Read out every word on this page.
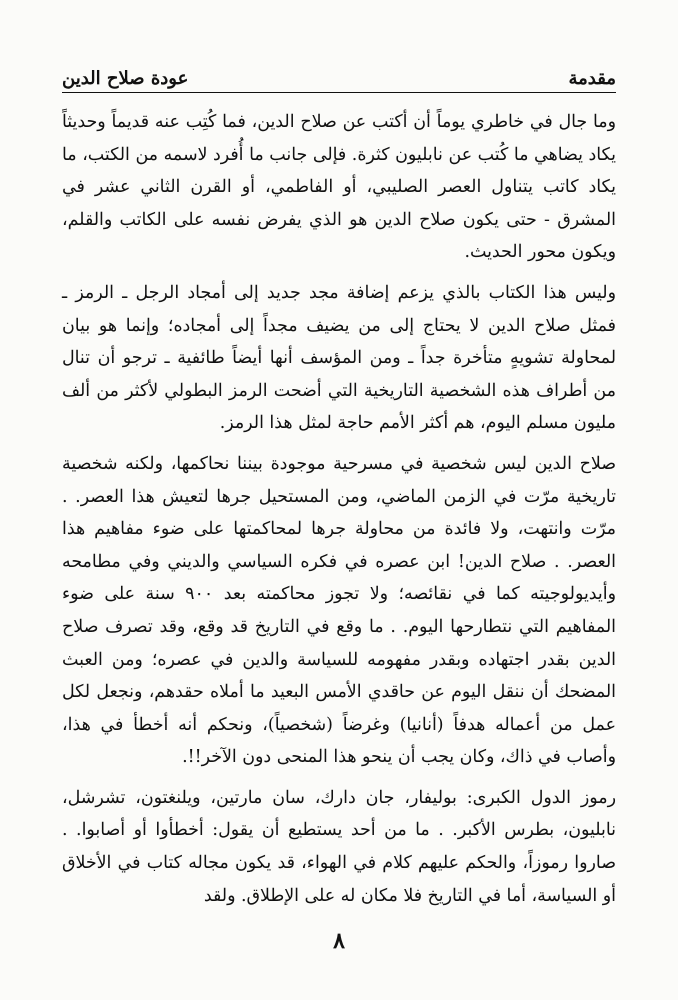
مقدمة
عودة صلاح الدين

وما جال في خاطري يوماً أن أكتب عن صلاح الدين، فما كُتِب عنه قديماً وحديثاً يكاد يضاهي ما كُتب عن نابليون كثرة. فإلى جانب ما أُفرد لاسمه من الكتب، ما يكاد كاتب يتناول العصر الصليبي، أو الفاطمي، أو القرن الثاني عشر في المشرق - حتى يكون صلاح الدين هو الذي يفرض نفسه على الكاتب والقلم، ويكون محور الحديث.

وليس هذا الكتاب بالذي يزعم إضافة مجد جديد إلى أمجاد الرجل ـ الرمز ـ فمثل صلاح الدين لا يحتاج إلى من يضيف مجداً إلى أمجاده؛ وإنما هو بيان لمحاولة تشويهٍ متأخرة جداً ـ ومن المؤسف أنها أيضاً طائفية ـ ترجو أن تنال من أطراف هذه الشخصية التاريخية التي أضحت الرمز البطولي لأكثر من ألف مليون مسلم اليوم، هم أكثر الأمم حاجة لمثل هذا الرمز.

صلاح الدين ليس شخصية في مسرحية موجودة بيننا نحاكمها، ولكنه شخصية تاريخية مرّت في الزمن الماضي، ومن المستحيل جرها لتعيش هذا العصر. . مرّت وانتهت، ولا فائدة من محاولة جرها لمحاكمتها على ضوء مفاهيم هذا العصر. . صلاح الدين! ابن عصره في فكره السياسي والديني وفي مطامحه وأيديولوجيته كما في نقائصه؛ ولا تجوز محاكمته بعد ٩٠٠ سنة على ضوء المفاهيم التي نتطارحها اليوم. . ما وقع في التاريخ قد وقع، وقد تصرف صلاح الدين بقدر اجتهاده وبقدر مفهومه للسياسة والدين في عصره؛ ومن العبث المضحك أن ننقل اليوم عن حاقدي الأمس البعيد ما أملاه حقدهم، ونجعل لكل عمل من أعماله هدفاً (أنانيا) وغرضاً (شخصياً)، ونحكم أنه أخطأ في هذا، وأصاب في ذاك، وكان يجب أن ينحو هذا المنحى دون الآخر!!.

رموز الدول الكبرى: بوليفار، جان دارك، سان مارتين، ويلنغتون، تشرشل، نابليون، بطرس الأكبر. . ما من أحد يستطيع أن يقول: أخطأوا أو أصابوا. . صاروا رموزاً، والحكم عليهم كلام في الهواء، قد يكون مجاله كتاب في الأخلاق أو السياسة، أما في التاريخ فلا مكان له على الإطلاق. ولقد

٨
